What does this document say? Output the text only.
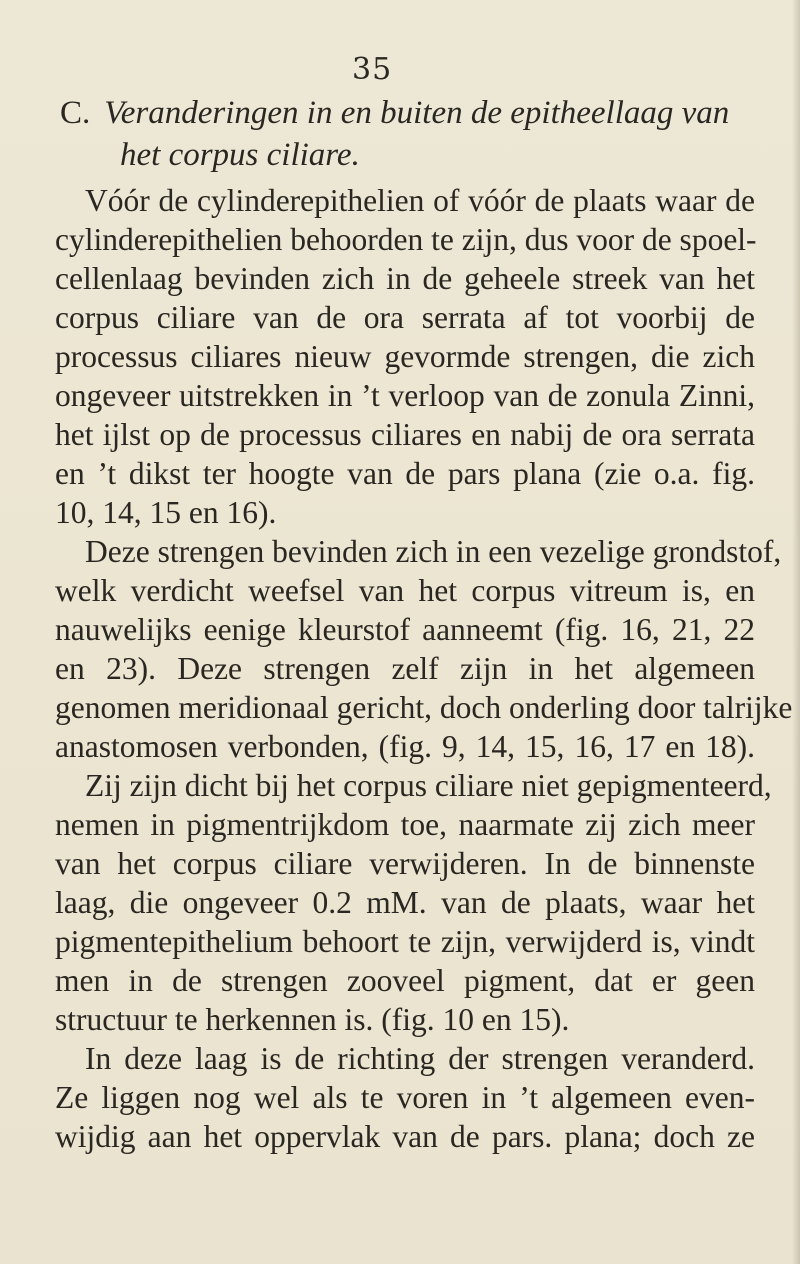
35
C. Veranderingen in en buiten de epitheellaag van
het corpus ciliare.
Vóór de cylinderepithelien of vóór de plaats waar de
cylinderepithelien behoorden te zijn, dus voor de spoel-
cellenlaag bevinden zich in de geheele streek van het
corpus ciliare van de ora serrata af tot voorbij de
processus ciliares nieuw gevormde strengen, die zich
ongeveer uitstrekken in ’t verloop van de zonula Zinni,
het ijlst op de processus ciliares en nabij de ora serrata
en ’t dikst ter hoogte van de pars plana (zie o.a. fig.
10, 14, 15 en 16).
Deze strengen bevinden zich in een vezelige grondstof,
welk verdicht weefsel van het corpus vitreum is, en
nauwelijks eenige kleurstof aanneemt (fig. 16, 21, 22
en 23). Deze strengen zelf zijn in het algemeen
genomen meridionaal gericht, doch onderling door talrijke
anastomosen verbonden, (fig. 9, 14, 15, 16, 17 en 18).
Zij zijn dicht bij het corpus ciliare niet gepigmenteerd,
nemen in pigmentrijkdom toe, naarmate zij zich meer
van het corpus ciliare verwijderen. In de binnenste
laag, die ongeveer 0.2 mM. van de plaats, waar het
pigmentepithelium behoort te zijn, verwijderd is, vindt
men in de strengen zooveel pigment, dat er geen
structuur te herkennen is. (fig. 10 en 15).
In deze laag is de richting der strengen veranderd.
Ze liggen nog wel als te voren in ’t algemeen even-
wijdig aan het oppervlak van de pars. plana; doch ze
